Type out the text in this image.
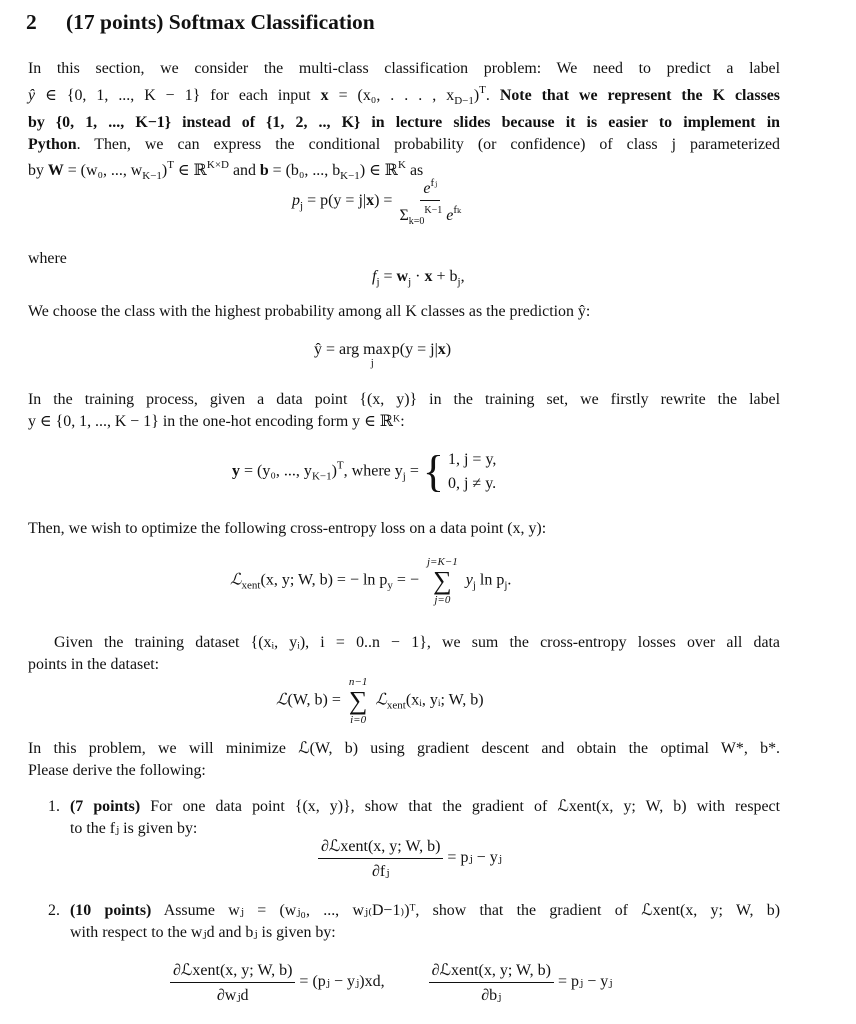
2 (17 points) Softmax Classification
In this section, we consider the multi-class classification problem: We need to predict a label
ŷ ∈ {0, 1, ..., K − 1} for each input x = (x₀, . . . , $x_{D-1})^T$. Note that we represent the K classes
by {0, 1, ..., K−1} instead of {1, 2, .., K} in lecture slides because it is easier to implement in
Python. Then, we can express the conditional probability (or confidence) of class j parameterized
by W = (w₀, ..., $w_{K-1})^T$ ∈ ℝ$^{K\times D}$ and b = (b₀, ..., $b_{K-1}$) ∈ ℝ$^K$ as
$p_j = p(y = j|x) = \frac{e^{fⱼ}}{\Sigma_{k=0}^{K-1} e^{f_k}}$
where
$f_j = w_j \cdot x + b_j$,
We choose the class with the highest probability among all K classes as the prediction ŷ:
ŷ = arg $\max_j p(y = j|x)$
In the training process, given a data point {(x, y)} in the training set, we firstly rewrite the label
y ∈ {0, 1, ..., K − 1} in the one-hot encoding form y ∈ ℝᴷ:
y = (y₀, ..., $y_{K-1})^T$, where $y_j$ = { 1, j = y,
0, j ≠ y.
Then, we wish to optimize the following cross-entropy loss on a data point (x, y):
ℒ$_{xent}$(x, y; W, b) = − $\ln p_y$ = −
j=K−1
∑
j=0
$y_j$ $\ln p_j$.
Given the training dataset {(xᵢ, yᵢ), i = 0..n − 1}, we sum the cross-entropy losses over all data
points in the dataset:
ℒ(W, b) =
n−1
∑
i=0
ℒ$_{xent}$(xᵢ, yᵢ; W, b)
In this problem, we will minimize ℒ(W, b) using gradient descent and obtain the optimal W*, b*.
Please derive the following:
1. (7 points) For one data point {(x, y)}, show that the gradient of ℒxent(x, y; W, b) with respect
to the fⱼ is given by:
$\frac{\text{∂ℒxent(x, y; W, b)}}{\text{∂fⱼ}}$ = pⱼ − yⱼ
2. (10 points) Assume wⱼ = (wⱼ₀, ..., wⱼ₍D−1₎)ᵀ, show that the gradient of ℒxent(x, y; W, b)
with respect to the wⱼd and bⱼ is given by:
$\frac{\text{∂ℒxent(x, y; W, b)}}{\text{∂wⱼd}}$ = (pⱼ − yⱼ)xd,	$\frac{\text{∂ℒxent(x, y; W, b)}}{\text{∂bⱼ}}$ = pⱼ − yⱼ
